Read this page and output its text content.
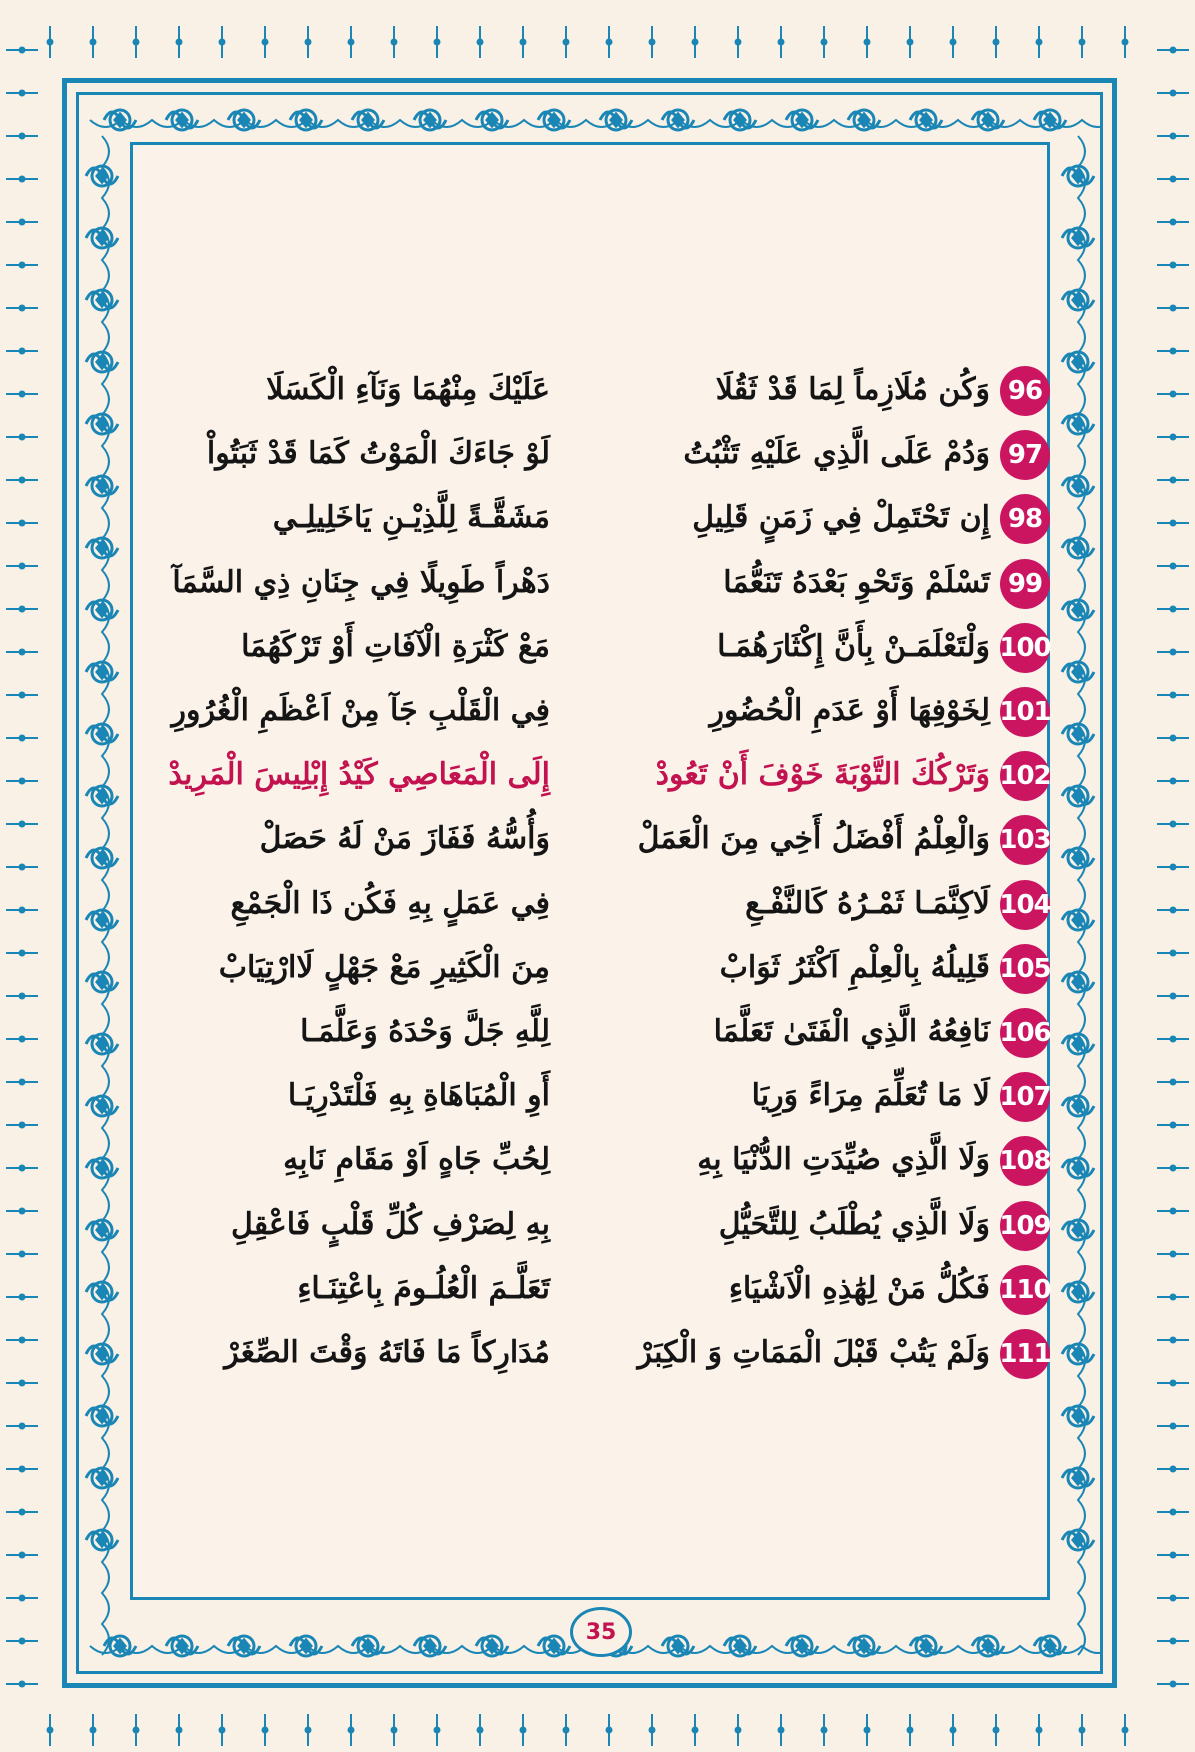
96
وَكُن مُلَازِماً لِمَا قَدْ ثَقُلَا
عَلَيْكَ مِنْهُمَا وَنَآءِ الْكَسَلَا
97
وَدُمْ عَلَى الَّذِي عَلَيْهِ تَثْبُتُ
لَوْ جَاءَكَ الْمَوْتُ كَمَا قَدْ ثَبَتُواْ
98
إِن تَحْتَمِلْ فِي زَمَنٍ قَلِيلِ
مَشَقَّـةً لِلَّذِيْـنِ يَاخَلِيلِـي
99
تَسْلَمْ وَتَحْوِ بَعْدَهُ تَنَعُّمَا
دَهْراً طَوِيلًا فِي جِنَانِ ذِي السَّمَآ
100
وَلْتَعْلَمَـنْ بِأَنَّ إِكْثَارَهُمَـا
مَعْ كَثْرَةِ الْآفَاتِ أَوْ تَرْكَهُمَا
101
لِخَوْفِهَا أَوْ عَدَمِ الْحُضُورِ
فِي الْقَلْبِ جَآ مِنْ اَعْظَمِ الْغُرُورِ
102
وَتَرْكُكَ التَّوْبَةَ خَوْفَ أَنْ تَعُودْ
إِلَى الْمَعَاصِي كَيْدُ إِبْلِيسَ الْمَرِيدْ
103
وَالْعِلْمُ أَفْضَلُ أَخِي مِنَ الْعَمَلْ
وَأُسُّهُ فَفَازَ مَنْ لَهُ حَصَلْ
104
لَاكِنَّمَـا ثَمْـرُهُ كَالنَّفْـعِ
فِي عَمَلٍ بِهِ فَكُن ذَا الْجَمْعِ
105
قَلِيلُهُ بِالْعِلْمِ اَكْثَرُ ثَوَابْ
مِنَ الْكَثِيرِ مَعْ جَهْلٍ لَاارْتِيَابْ
106
نَافِعُهُ الَّذِي الْفَتَىٰ تَعَلَّمَا
لِلَّهِ جَلَّ وَحْدَهُ وَعَلَّمَـا
107
لَا مَا تُعَلِّمَ مِرَاءً وَرِيَا
أَوِ الْمُبَاهَاةِ بِهِ فَلْتَدْرِيَـا
108
وَلَا الَّذِي صُيِّدَتِ الدُّنْيَا بِهِ
لِحُبِّ جَاهٍ اَوْ مَقَامِ نَابِهِ
109
وَلَا الَّذِي يُطْلَبُ لِلتَّحَيُّلِ
بِهِ لِصَرْفِ كُلِّ قَلْبٍ فَاعْقِلِ
110
فَكُلُّ مَنْ لِهَٰذِهِ الْاَشْيَاءِ
تَعَلَّـمَ الْعُلُـومَ بِاعْتِنَـاءِ
111
وَلَمْ يَتُبْ قَبْلَ الْمَمَاتِ وَ الْكِبَرْ
مُدَارِكاً مَا فَاتَهُ وَقْتَ الصِّغَرْ
35
